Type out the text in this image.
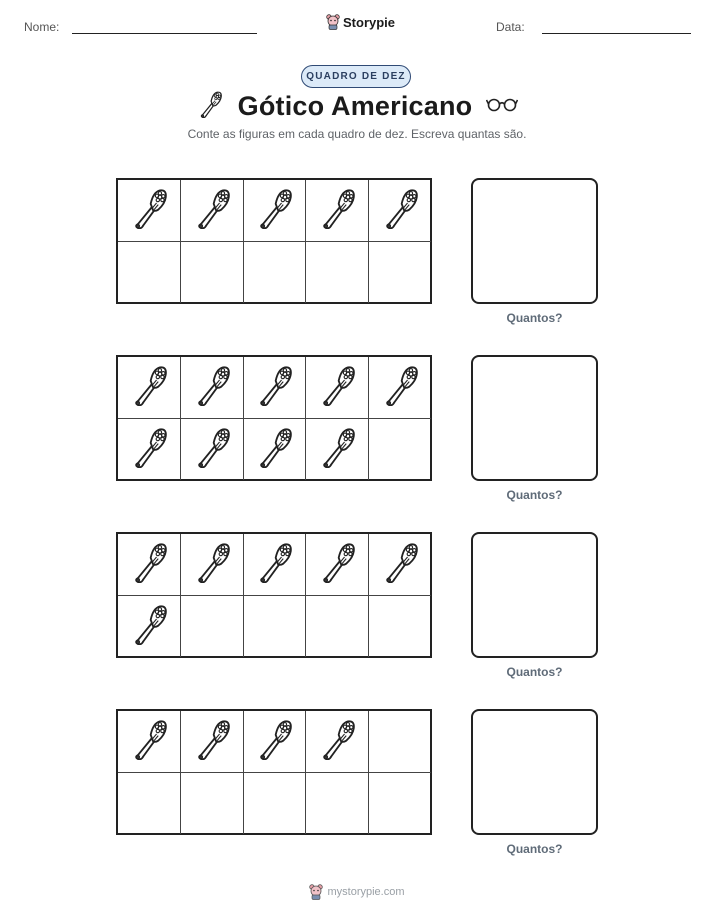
Nome:	Storypie	Data:
QUADRO DE DEZ
Gótico Americano
Conte as figuras em cada quadro de dez. Escreva quantas são.
Quantos?
Quantos?
Quantos?
Quantos?
mystorypie.com
